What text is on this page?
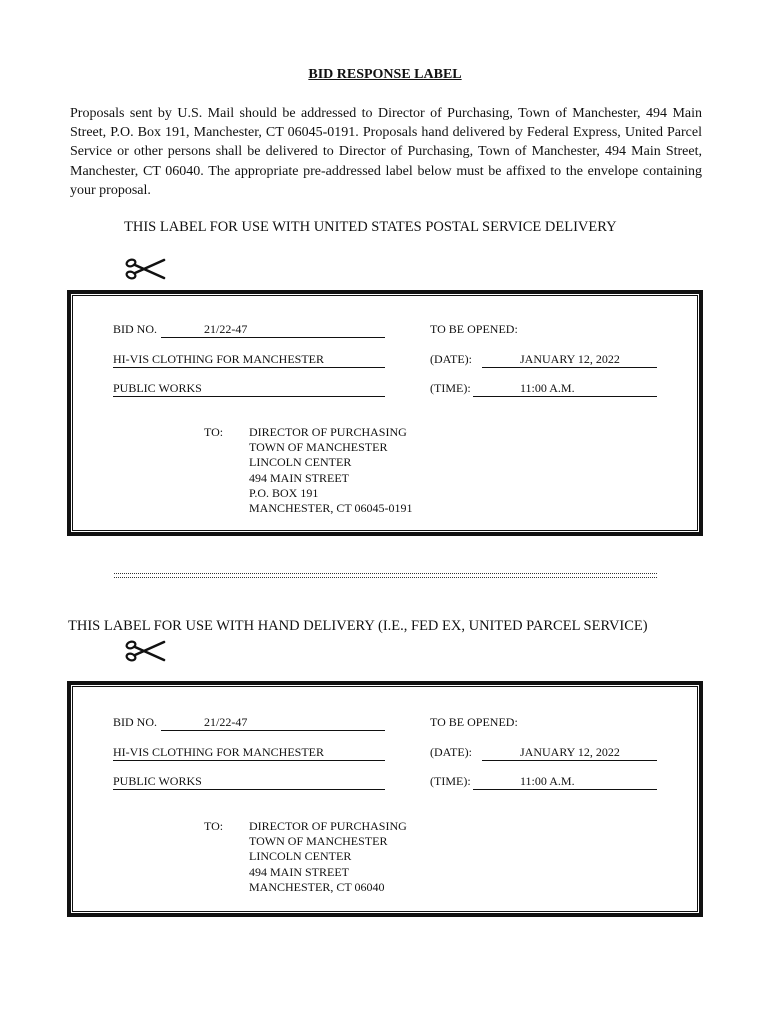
BID RESPONSE LABEL
Proposals sent by U.S. Mail should be addressed to Director of Purchasing, Town of Manchester, 494 Main Street, P.O. Box 191, Manchester, CT 06045-0191. Proposals hand delivered by Federal Express, United Parcel Service or other persons shall be delivered to Director of Purchasing, Town of Manchester, 494 Main Street, Manchester, CT 06040. The appropriate pre-addressed label below must be affixed to the envelope containing your proposal.
THIS LABEL FOR USE WITH UNITED STATES POSTAL SERVICE DELIVERY
BID NO.	21/22-47
HI-VIS CLOTHING FOR MANCHESTER
PUBLIC WORKS
TO BE OPENED:
(DATE):	JANUARY 12, 2022
(TIME):	11:00 A.M.
TO: DIRECTOR OF PURCHASING
TOWN OF MANCHESTER
LINCOLN CENTER
494 MAIN STREET
P.O. BOX 191
MANCHESTER, CT 06045-0191
THIS LABEL FOR USE WITH HAND DELIVERY (I.E., FED EX, UNITED PARCEL SERVICE)
BID NO.	21/22-47
HI-VIS CLOTHING FOR MANCHESTER
PUBLIC WORKS
TO BE OPENED:
(DATE):	JANUARY 12, 2022
(TIME):	11:00 A.M.
TO: DIRECTOR OF PURCHASING
TOWN OF MANCHESTER
LINCOLN CENTER
494 MAIN STREET
MANCHESTER, CT 06040
